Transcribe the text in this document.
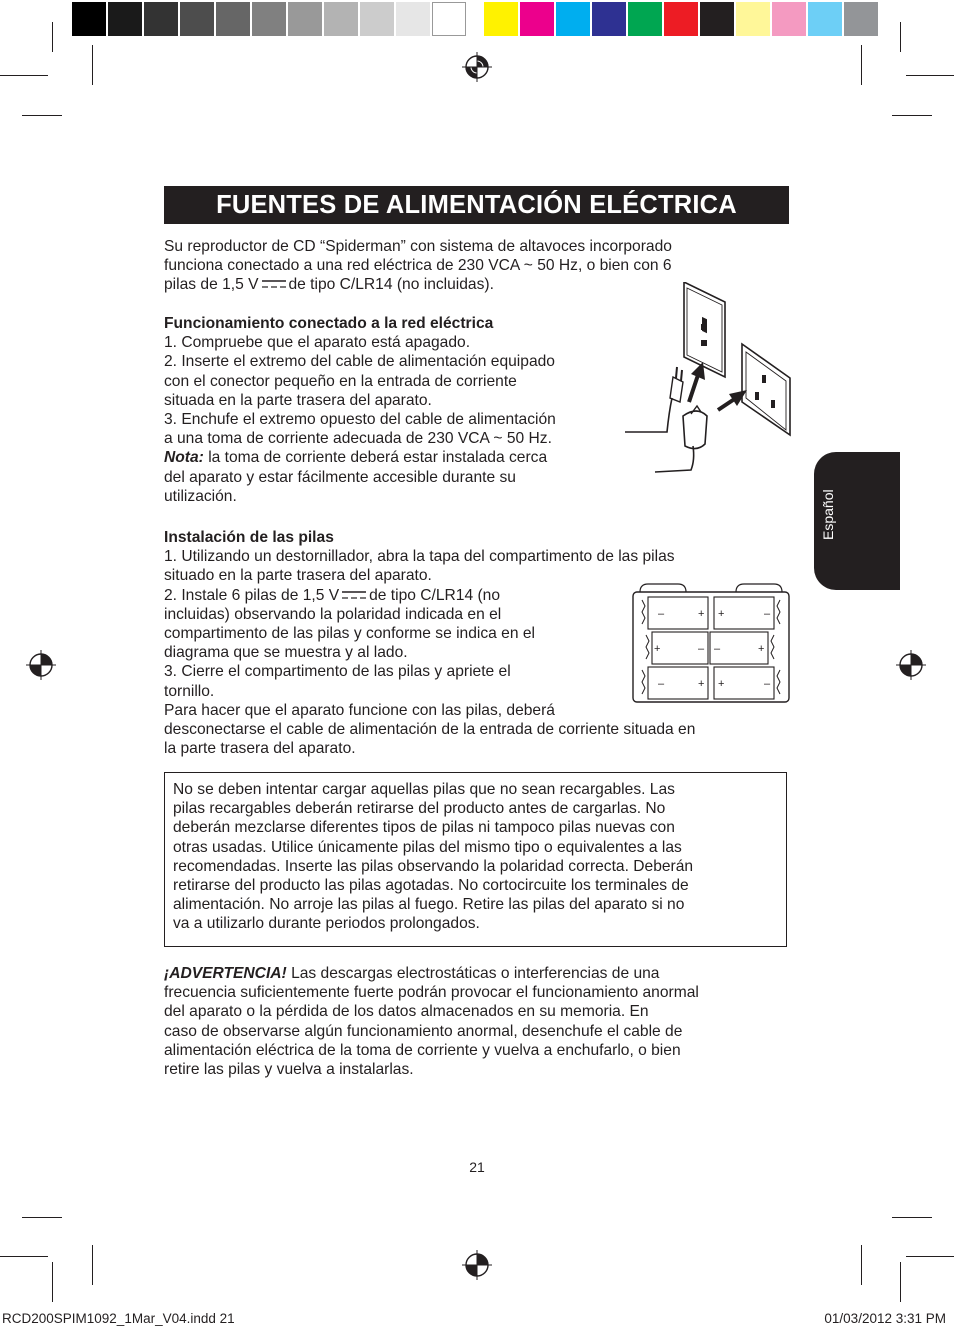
FUENTES DE ALIMENTACIÓN ELÉCTRICA

Su reproductor de CD “Spiderman” con sistema de altavoces incorporado

funciona conectado a una red eléctrica de 230 VCA ~ 50 Hz, o bien con 6

pilas de 1,5 V de tipo C/LR14 (no incluidas).

Funcionamiento conectado a la red eléctrica

1. Compruebe que el aparato está apagado.

2. Inserte el extremo del cable de alimentación equipado

con el conector pequeño en la entrada de corriente

situada en la parte trasera del aparato.

3. Enchufe el extremo opuesto del cable de alimentación

a una toma de corriente adecuada de 230 VCA ~ 50 Hz.

Nota: la toma de corriente deberá estar instalada cerca

del aparato y estar fácilmente accesible durante su

utilización.

Instalación de las pilas

1. Utilizando un destornillador, abra la tapa del compartimento de las pilas

situado en la parte trasera del aparato.

2. Instale 6 pilas de 1,5 V de tipo C/LR14 (no

incluidas) observando la polaridad indicada en el

compartimento de las pilas y conforme se indica en el

diagrama que se muestra y al lado.

3. Cierre el compartimento de las pilas y apriete el

tornillo.

Para hacer que el aparato funcione con las pilas, deberá

desconectarse el cable de alimentación de la entrada de corriente situada en

la parte trasera del aparato.

–	+ +	–
+	– –	+
–	+ +	–

No se deben intentar cargar aquellas pilas que no sean recargables. Las

pilas recargables deberán retirarse del producto antes de cargarlas. No

deberán mezclarse diferentes tipos de pilas ni tampoco pilas nuevas con

otras usadas. Utilice únicamente pilas del mismo tipo o equivalentes a las

recomendadas. Inserte las pilas observando la polaridad correcta. Deberán

retirarse del producto las pilas agotadas. No cortocircuite los terminales de

alimentación. No arroje las pilas al fuego. Retire las pilas del aparato si no

va a utilizarlo durante periodos prolongados.

¡ADVERTENCIA! Las descargas electrostáticas o interferencias de una

frecuencia suficientemente fuerte podrán provocar el funcionamiento anormal

del aparato o la pérdida de los datos almacenados en su memoria. En

caso de observarse algún funcionamiento anormal, desenchufe el cable de

alimentación eléctrica de la toma de corriente y vuelva a enchufarlo, o bien

retire las pilas y vuelva a instalarlas.

21
RCD200SPIM1092_1Mar_V04.indd 21	01/03/2012 3:31 PM
